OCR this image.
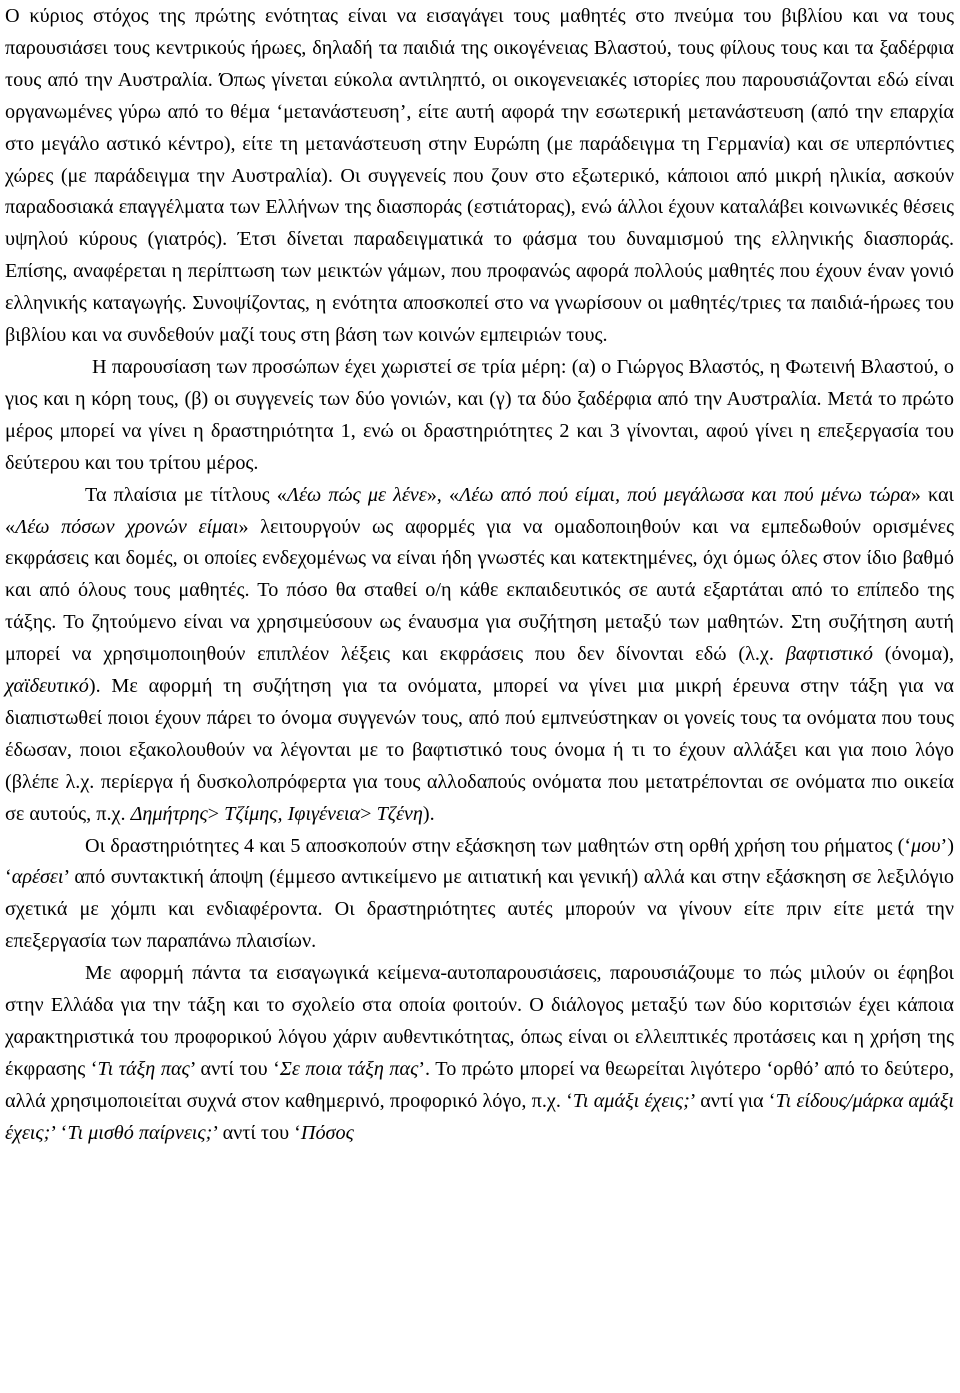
Ο κύριος στόχος της πρώτης ενότητας είναι να εισαγάγει τους μαθητές στο πνεύμα του βιβλίου και να τους παρουσιάσει τους κεντρικούς ήρωες, δηλαδή τα παιδιά της οικογένειας Βλαστού, τους φίλους τους και τα ξαδέρφια τους από την Αυστραλία. Όπως γίνεται εύκολα αντιληπτό, οι οικογενειακές ιστορίες που παρουσιάζονται εδώ είναι οργανωμένες γύρω από το θέμα ‘μετανάστευση’, είτε αυτή αφορά την εσωτερική μετανάστευση (από την επαρχία στο μεγάλο αστικό κέντρο), είτε τη μετανάστευση στην Ευρώπη (με παράδειγμα τη Γερμανία) και σε υπερπόντιες χώρες (με παράδειγμα την Αυστραλία). Οι συγγενείς που ζουν στο εξωτερικό, κάποιοι από μικρή ηλικία, ασκούν παραδοσιακά επαγγέλματα των Ελλήνων της διασποράς (εστιάτορας), ενώ άλλοι έχουν καταλάβει κοινωνικές θέσεις υψηλού κύρους (γιατρός). Έτσι δίνεται παραδειγματικά το φάσμα του δυναμισμού της ελληνικής διασποράς. Επίσης, αναφέρεται η περίπτωση των μεικτών γάμων, που προφανώς αφορά πολλούς μαθητές που έχουν έναν γονιό ελληνικής καταγωγής. Συνοψίζοντας, η ενότητα αποσκοπεί στο να γνωρίσουν οι μαθητές/τριες τα παιδιά-ήρωες του βιβλίου και να συνδεθούν μαζί τους στη βάση των κοινών εμπειριών τους.

Η παρουσίαση των προσώπων έχει χωριστεί σε τρία μέρη: (α) ο Γιώργος Βλαστός, η Φωτεινή Βλαστού, ο γιος και η κόρη τους, (β) οι συγγενείς των δύο γονιών, και (γ) τα δύο ξαδέρφια από την Αυστραλία. Μετά το πρώτο μέρος μπορεί να γίνει η δραστηριότητα 1, ενώ οι δραστηριότητες 2 και 3 γίνονται, αφού γίνει η επεξεργασία του δεύτερου και του τρίτου μέρος.

Τα πλαίσια με τίτλους «Λέω πώς με λένε», «Λέω από πού είμαι, πού μεγάλωσα και πού μένω τώρα» και «Λέω πόσων χρονών είμαι» λειτουργούν ως αφορμές για να ομαδοποιηθούν και να εμπεδωθούν ορισμένες εκφράσεις και δομές, οι οποίες ενδεχομένως να είναι ήδη γνωστές και κατεκτημένες, όχι όμως όλες στον ίδιο βαθμό και από όλους τους μαθητές. Το πόσο θα σταθεί ο/η κάθε εκπαιδευτικός σε αυτά εξαρτάται από το επίπεδο της τάξης. Το ζητούμενο είναι να χρησιμεύσουν ως έναυσμα για συζήτηση μεταξύ των μαθητών. Στη συζήτηση αυτή μπορεί να χρησιμοποιηθούν επιπλέον λέξεις και εκφράσεις που δεν δίνονται εδώ (λ.χ. βαφτιστικό (όνομα), χαϊδευτικό). Με αφορμή τη συζήτηση για τα ονόματα, μπορεί να γίνει μια μικρή έρευνα στην τάξη για να διαπιστωθεί ποιοι έχουν πάρει το όνομα συγγενών τους, από πού εμπνεύστηκαν οι γονείς τους τα ονόματα που τους έδωσαν, ποιοι εξακολουθούν να λέγονται με το βαφτιστικό τους όνομα ή τι το έχουν αλλάξει και για ποιο λόγο (βλέπε λ.χ. περίεργα ή δυσκολοπρόφερτα για τους αλλοδαπούς ονόματα που μετατρέπονται σε ονόματα πιο οικεία σε αυτούς, π.χ. Δημήτρης> Τζίμης, Ιφιγένεια> Τζένη).

Οι δραστηριότητες 4 και 5 αποσκοπούν στην εξάσκηση των μαθητών στη ορθή χρήση του ρήματος (‘μου’) ‘αρέσει’ από συντακτική άποψη (έμμεσο αντικείμενο με αιτιατική και γενική) αλλά και στην εξάσκηση σε λεξιλόγιο σχετικά με χόμπι και ενδιαφέροντα. Οι δραστηριότητες αυτές μπορούν να γίνουν είτε πριν είτε μετά την επεξεργασία των παραπάνω πλαισίων.

Με αφορμή πάντα τα εισαγωγικά κείμενα-αυτοπαρουσιάσεις, παρουσιάζουμε το πώς μιλούν οι έφηβοι στην Ελλάδα για την τάξη και το σχολείο στα οποία φοιτούν. Ο διάλογος μεταξύ των δύο κοριτσιών έχει κάποια χαρακτηριστικά του προφορικού λόγου χάριν αυθεντικότητας, όπως είναι οι ελλειπτικές προτάσεις και η χρήση της έκφρασης ‘Τι τάξη πας’ αντί του ‘Σε ποια τάξη πας’. Το πρώτο μπορεί να θεωρείται λιγότερο ‘ορθό’ από το δεύτερο, αλλά χρησιμοποιείται συχνά στον καθημερινό, προφορικό λόγο, π.χ. ‘Τι αμάξι έχεις;’ αντί για ‘Τι είδους/μάρκα αμάξι έχεις;’ ‘Τι μισθό παίρνεις;’ αντί του ‘Πόσος
